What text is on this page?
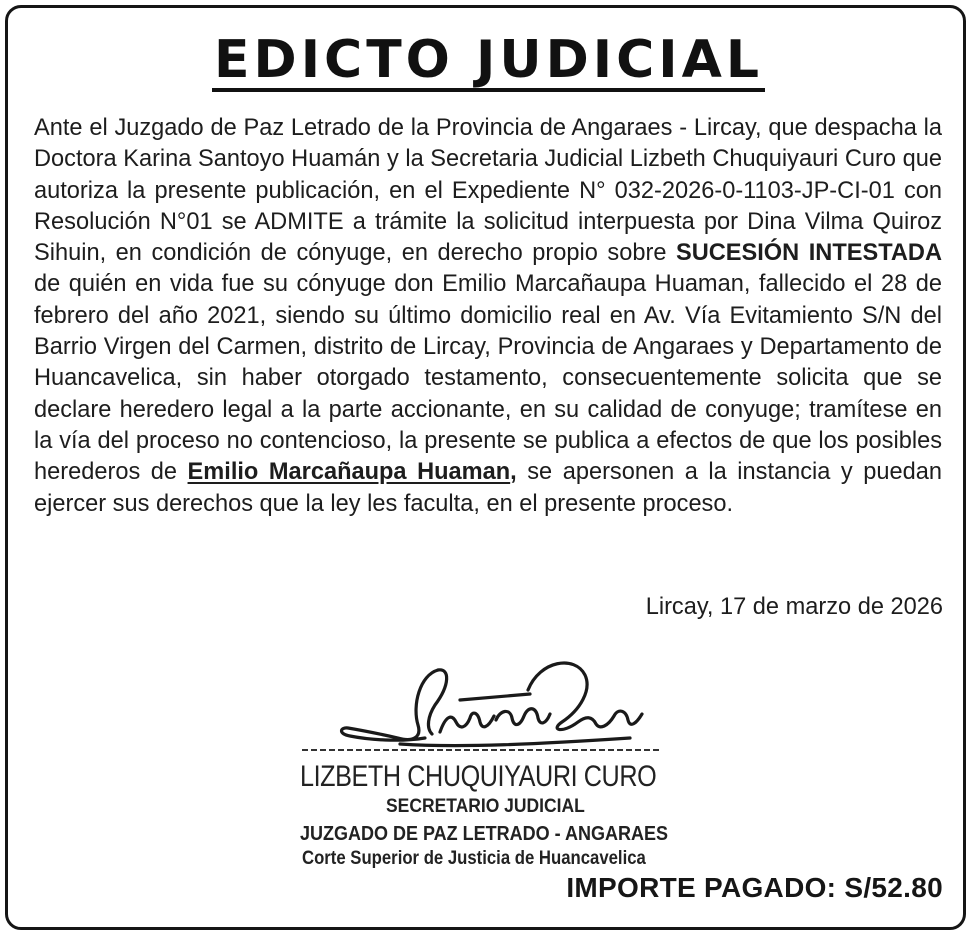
EDICTO JUDICIAL
Ante el Juzgado de Paz Letrado de la Provincia de Angaraes - Lircay, que despacha la Doctora Karina Santoyo Huamán y la Secretaria Judicial Lizbeth Chuquiyauri Curo que autoriza la presente publicación, en el Expediente N° 032-2026-0-1103-JP-CI-01 con Resolución N°01 se ADMITE a trámite la solicitud interpuesta por Dina Vilma Quiroz Sihuin, en condición de cónyuge, en derecho propio sobre SUCESIÓN INTESTADA de quién en vida fue su cónyuge don Emilio Marcañaupa Huaman, fallecido el 28 de febrero del año 2021, siendo su último domicilio real en Av. Vía Evitamiento S/N del Barrio Virgen del Carmen, distrito de Lircay, Provincia de Angaraes y Departamento de Huancavelica, sin haber otorgado testamento, consecuentemente solicita que se declare heredero legal a la parte accionante, en su calidad de conyuge; tramítese en la vía del proceso no contencioso, la presente se publica a efectos de que los posibles herederos de Emilio Marcañaupa Huaman, se apersonen a la instancia y puedan ejercer sus derechos que la ley les faculta, en el presente proceso.
Lircay, 17 de marzo de 2026
LIZBETH CHUQUIYAURI CURO
SECRETARIO JUDICIAL
JUZGADO DE PAZ LETRADO - ANGARAES
Corte Superior de Justicia de Huancavelica
IMPORTE PAGADO: S/52.80
